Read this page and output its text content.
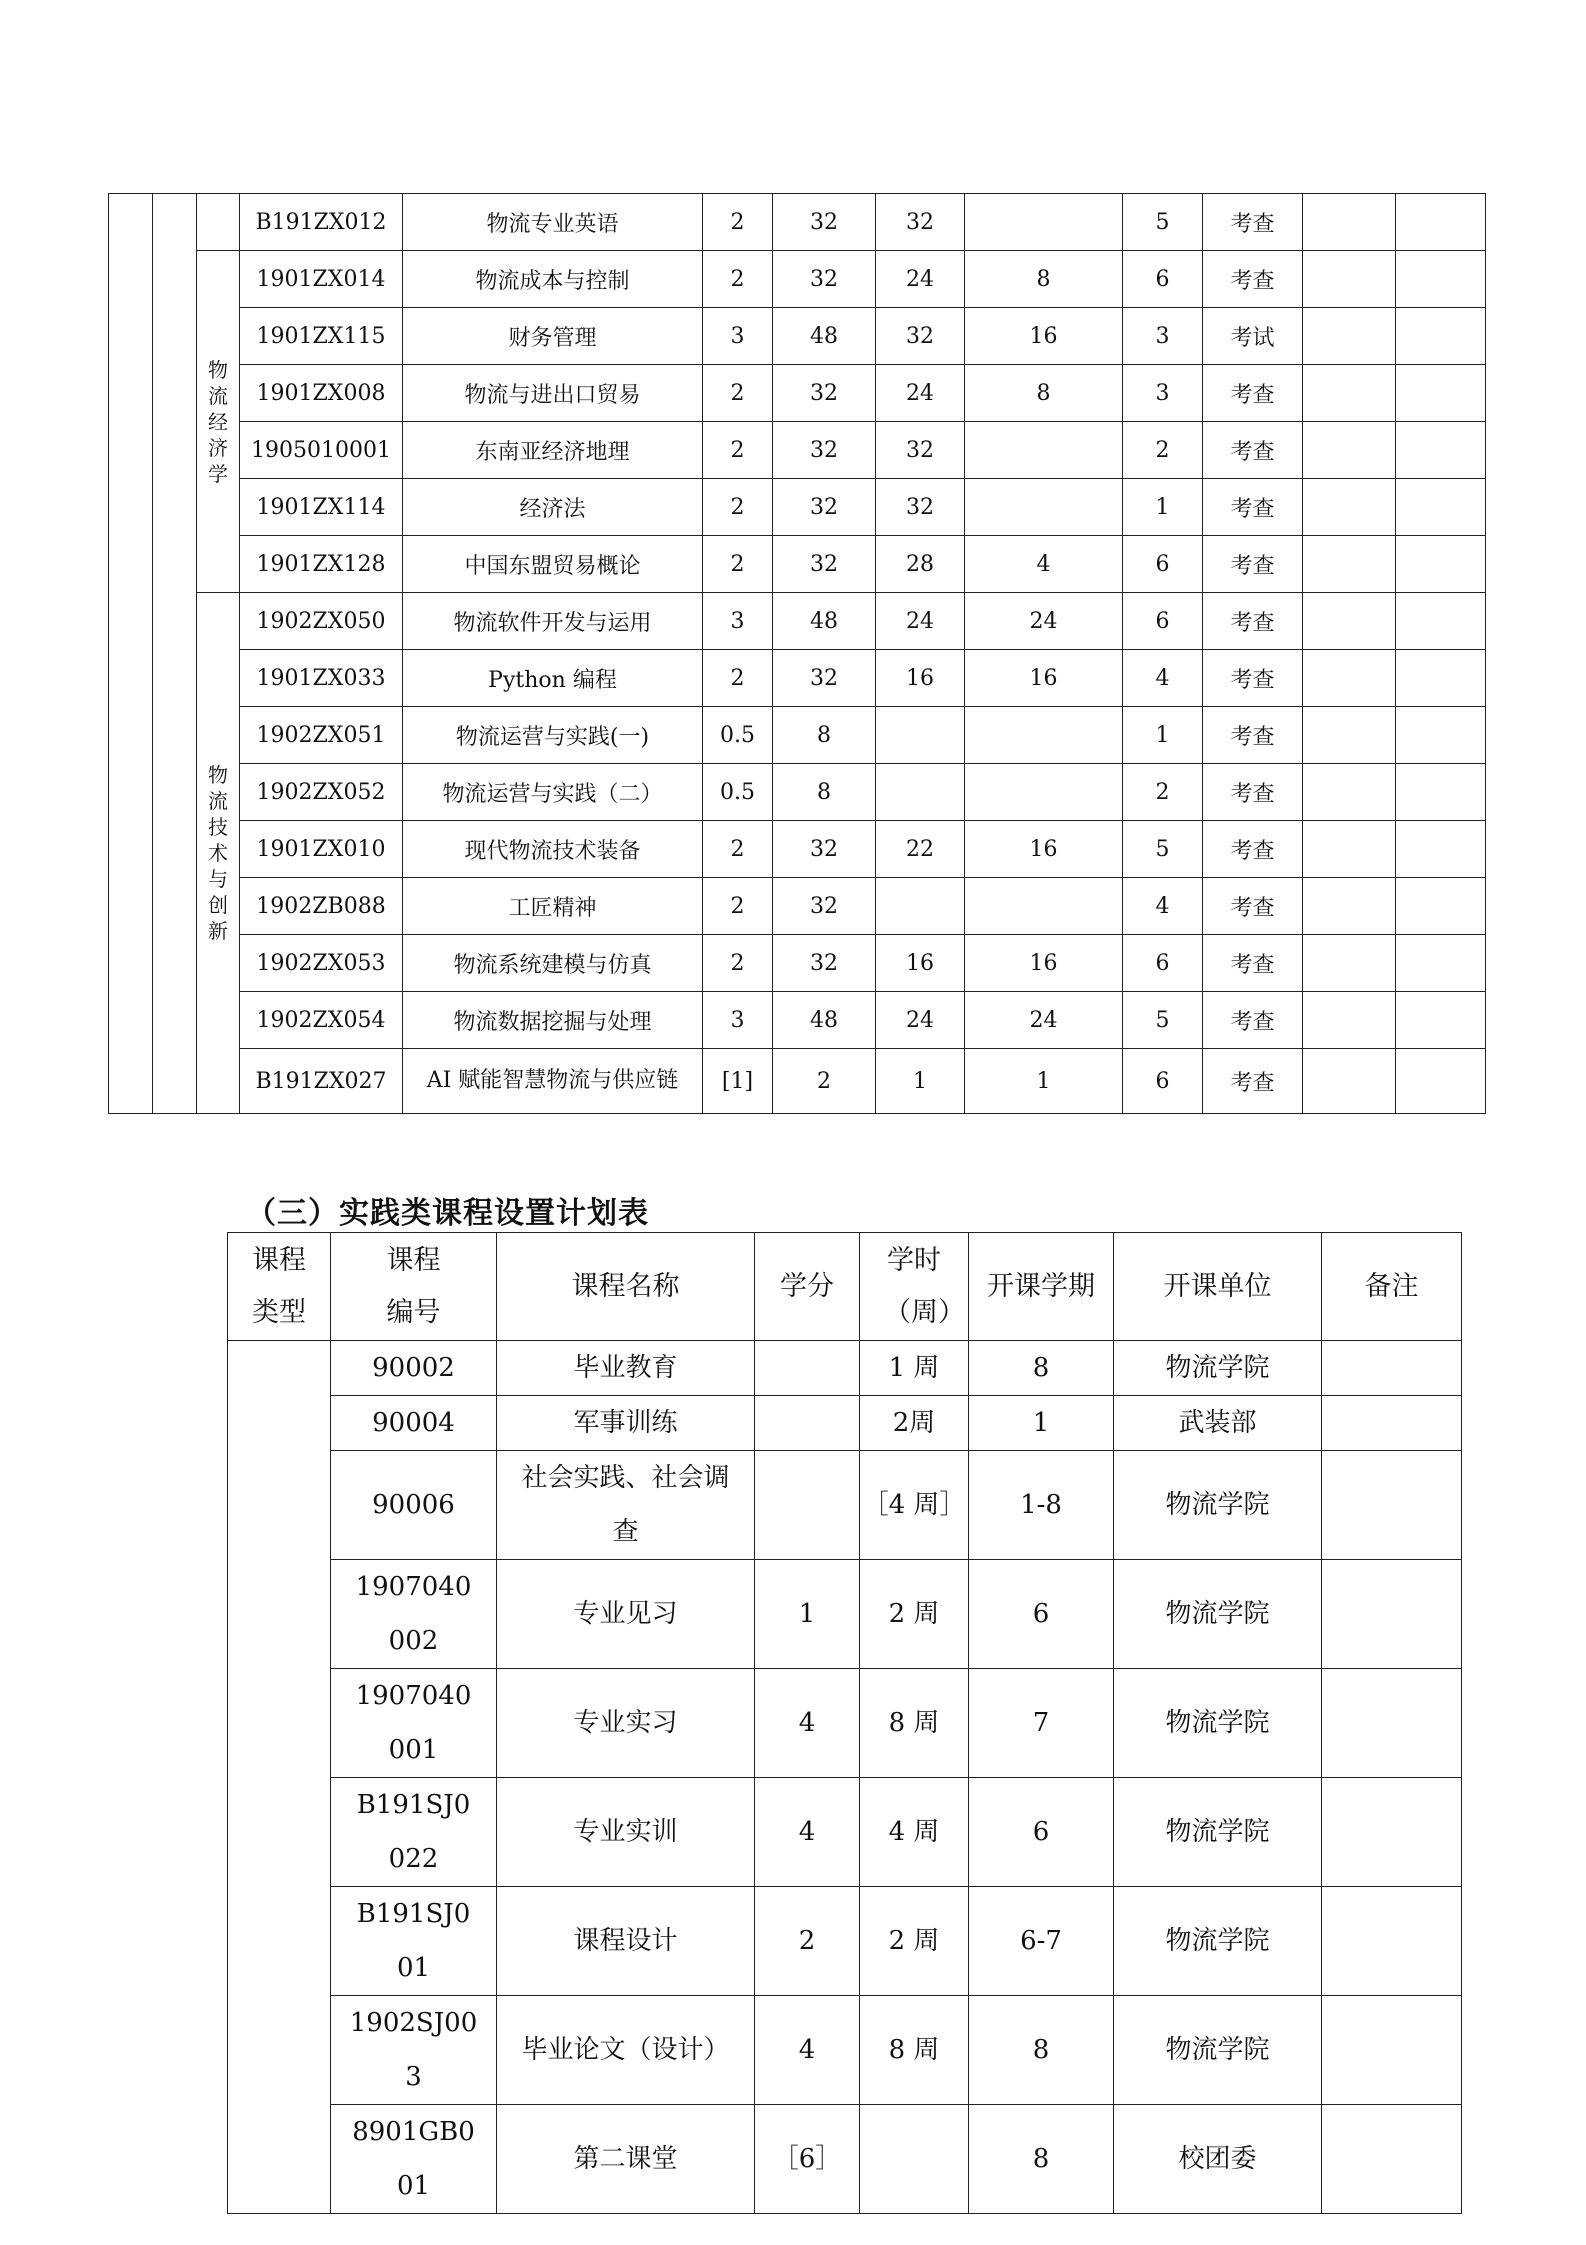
			B191ZX012	物流专业英语	2	32	32		5	考查		
		物流经济学	1901ZX014	物流成本与控制	2	32	24	8	6	考查		
			1901ZX115	财务管理	3	48	32	16	3	考试		
			1901ZX008	物流与进出口贸易	2	32	24	8	3	考查		
			1905010001	东南亚经济地理	2	32	32		2	考查		
			1901ZX114	经济法	2	32	32		1	考查		
			1901ZX128	中国东盟贸易概论	2	32	28	4	6	考查		
		物流技术与创新	1902ZX050	物流软件开发与运用	3	48	24	24	6	考查		
			1901ZX033	Python 编程	2	32	16	16	4	考查		
			1902ZX051	物流运营与实践(一)	0.5	8			1	考查		
			1902ZX052	物流运营与实践（二）	0.5	8			2	考查		
			1901ZX010	现代物流技术装备	2	32	22	16	5	考查		
			1902ZB088	工匠精神	2	32			4	考查		
			1902ZX053	物流系统建模与仿真	2	32	16	16	6	考查		
			1902ZX054	物流数据挖掘与处理	3	48	24	24	5	考查		
			B191ZX027	AI 赋能智慧物流与供应链	[1]	2	1	1	6	考查		
（三）实践类课程设置计划表
课程类型	课程编号	课程名称	学分	学时（周）	开课学期	开课单位	备注

	90002	毕业教育		1 周	8	物流学院	

	90004	军事训练		2周	1	武装部	

	90006	社会实践、社会调查		［4 周］	1-8	物流学院	

	1907040002	专业见习	1	2 周	6	物流学院	

	1907040001	专业实习	4	8 周	7	物流学院	

	B191SJ0022	专业实训	4	4 周	6	物流学院	

	B191SJ001	课程设计	2	2 周	6-7	物流学院	

	1902SJ003	毕业论文（设计）	4	8 周	8	物流学院	

	8901GB001	第二课堂	［6］		8	校团委	
